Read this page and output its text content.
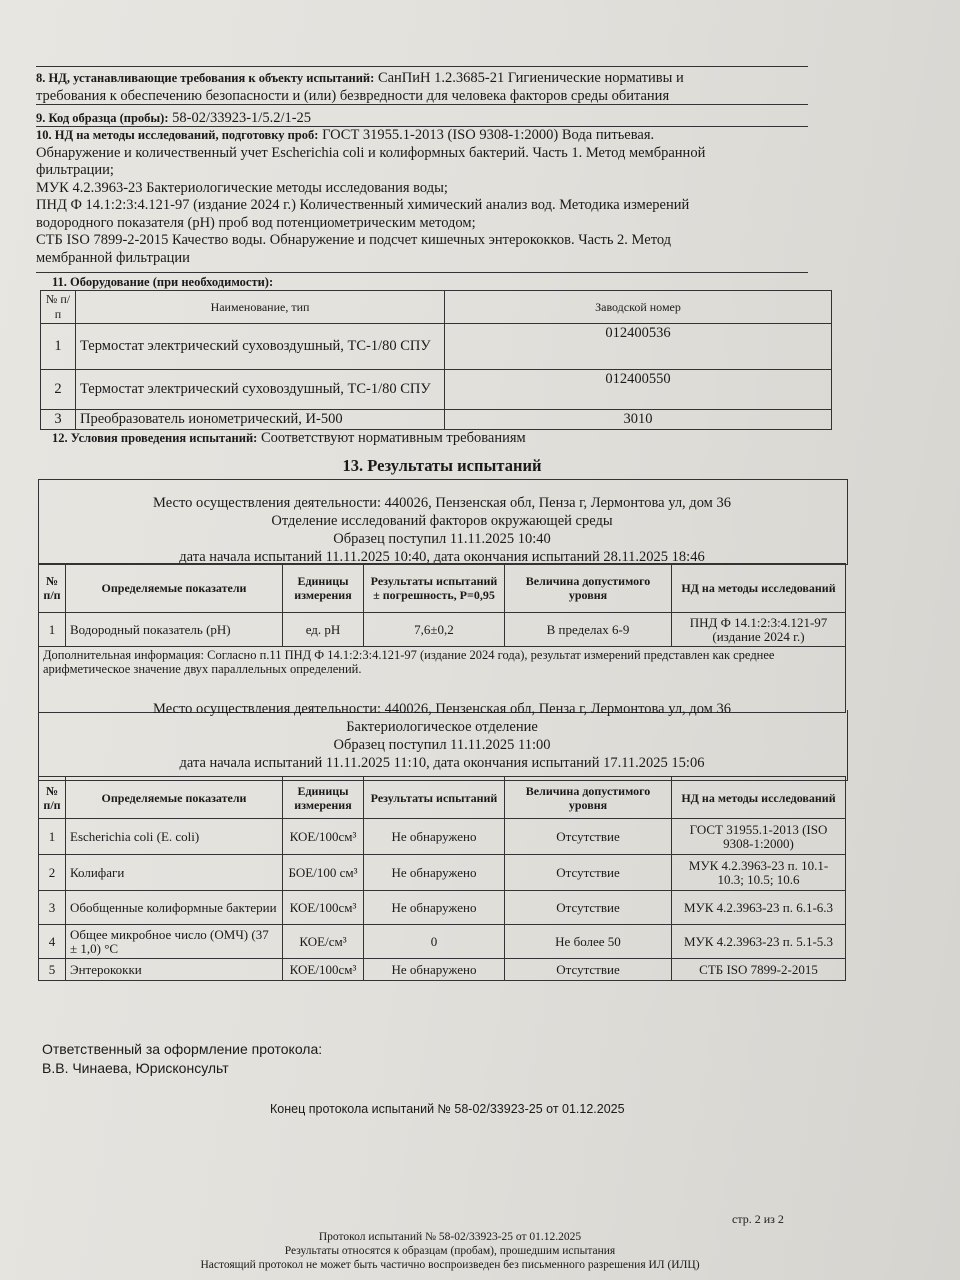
8. НД, устанавливающие требования к объекту испытаний: СанПиН 1.2.3685-21 Гигиенические нормативы и
требования к обеспечению безопасности и (или) безвредности для человека факторов среды обитания
9. Код образца (пробы): 58-02/33923-1/5.2/1-25
10. НД на методы исследований, подготовку проб: ГОСТ 31955.1-2013 (ISO 9308-1:2000) Вода питьевая.
Обнаружение и количественный учет Escherichia coli и колиформных бактерий. Часть 1. Метод мембранной
фильтрации;
МУК 4.2.3963-23 Бактериологические методы исследования воды;
ПНД Ф 14.1:2:3:4.121-97 (издание 2024 г.) Количественный химический анализ вод. Методика измерений
водородного показателя (pH) проб вод потенциометрическим методом;
СТБ ISO 7899-2-2015 Качество воды. Обнаружение и подсчет кишечных энтерококков. Часть 2. Метод
мембранной фильтрации
11. Оборудование (при необходимости):
№ п/п	Наименование, тип	Заводской номер
1	Термостат электрический суховоздушный, ТС-1/80 СПУ	012400536
2	Термостат электрический суховоздушный, ТС-1/80 СПУ	012400550
3	Преобразователь ионометрический, И-500	3010
12. Условия проведения испытаний: Соответствуют нормативным требованиям
13. Результаты испытаний
Место осуществления деятельности: 440026, Пензенская обл, Пенза г, Лермонтова ул, дом 36
Отделение исследований факторов окружающей среды
Образец поступил 11.11.2025 10:40
дата начала испытаний 11.11.2025 10:40, дата окончания испытаний 28.11.2025 18:46
№ п/п	Определяемые показатели	Единицы измерения	Результаты испытаний ± погрешность, Р=0,95	Величина допустимого уровня	НД на методы исследований
1	Водородный показатель (pH)	ед. pH	7,6±0,2	В пределах 6-9	ПНД Ф 14.1:2:3:4.121-97 (издание 2024 г.)
Дополнительная информация: Согласно п.11 ПНД Ф 14.1:2:3:4.121-97 (издание 2024 года), результат измерений представлен как среднее арифметическое значение двух параллельных определений.					
Место осуществления деятельности: 440026, Пензенская обл, Пенза г, Лермонтова ул, дом 36
Бактериологическое отделение
Образец поступил 11.11.2025 11:00
дата начала испытаний 11.11.2025 11:10, дата окончания испытаний 17.11.2025 15:06
№ п/п	Определяемые показатели	Единицы измерения	Результаты испытаний	Величина допустимого уровня	НД на методы исследований
1	Escherichia coli (E. coli)	КОЕ/100см³	Не обнаружено	Отсутствие	ГОСТ 31955.1-2013 (ISO 9308-1:2000)
2	Колифаги	БОЕ/100 см³	Не обнаружено	Отсутствие	МУК 4.2.3963-23 п. 10.1-10.3; 10.5; 10.6
3	Обобщенные колиформные бактерии	КОЕ/100см³	Не обнаружено	Отсутствие	МУК 4.2.3963-23 п. 6.1-6.3
4	Общее микробное число (ОМЧ) (37 ± 1,0) °С	КОЕ/см³	0	Не более 50	МУК 4.2.3963-23 п. 5.1-5.3
5	Энтерококки	КОЕ/100см³	Не обнаружено	Отсутствие	СТБ ISO 7899-2-2015
Ответственный за оформление протокола:
В.В. Чинаева, Юрисконсульт
Конец протокола испытаний № 58-02/33923-25 от 01.12.2025
стр. 2 из 2
Протокол испытаний № 58-02/33923-25 от 01.12.2025
Результаты относятся к образцам (пробам), прошедшим испытания
Настоящий протокол не может быть частично воспроизведен без письменного разрешения ИЛ (ИЛЦ)
